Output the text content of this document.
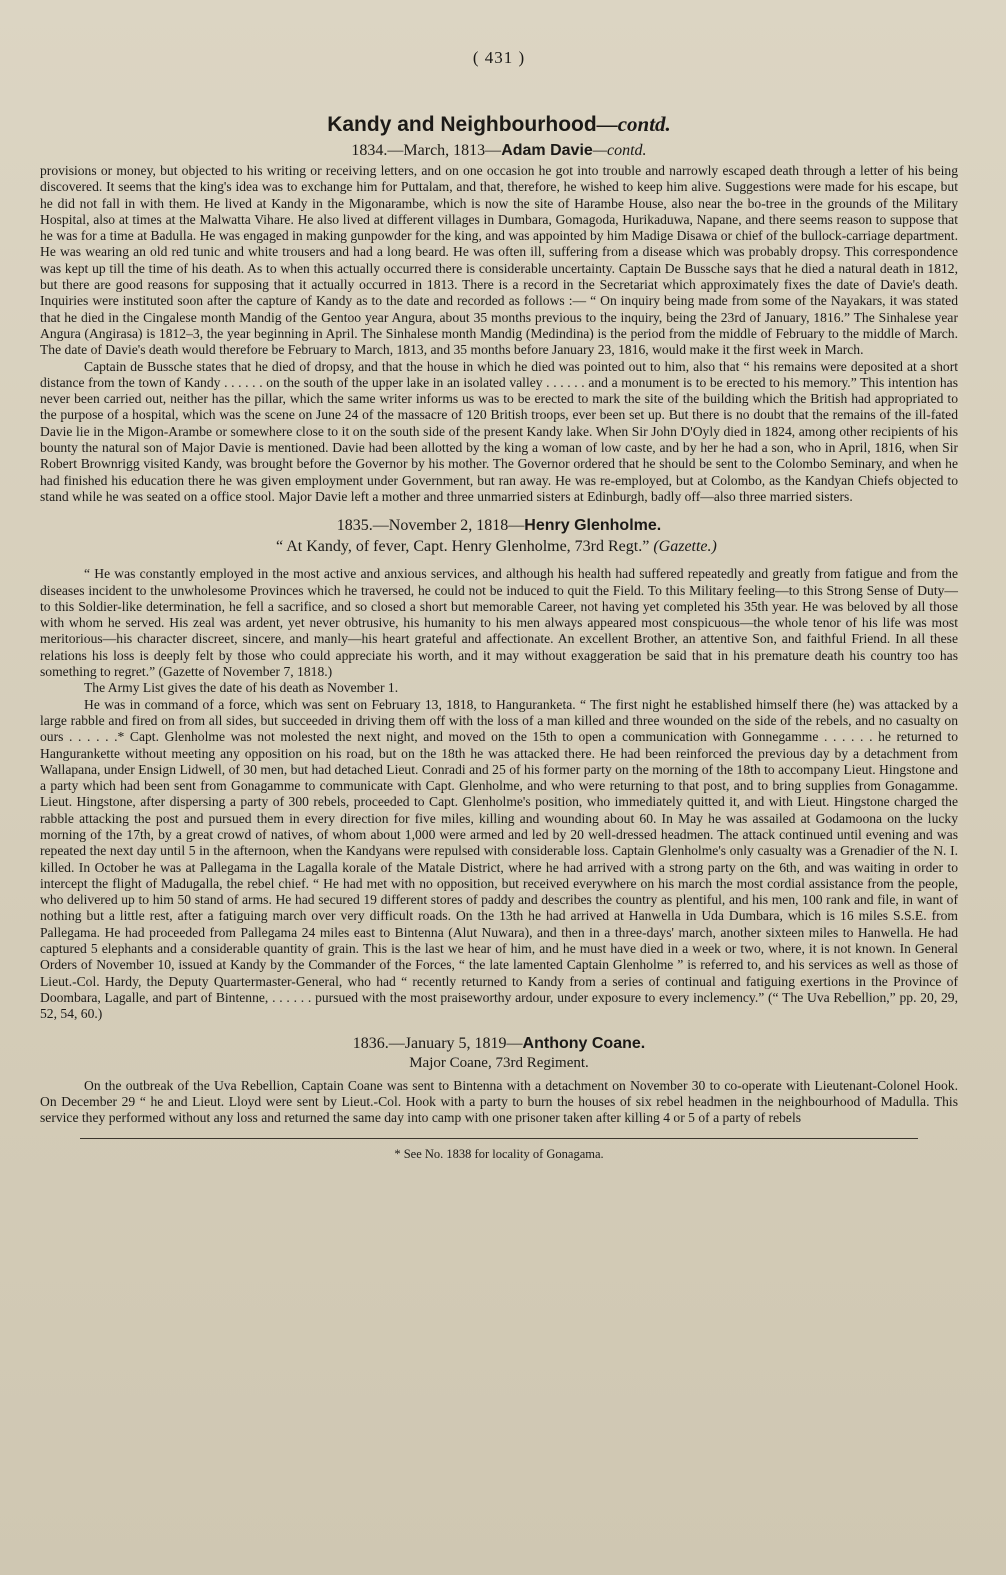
( 431 )
Kandy and Neighbourhood—contd.
1834.—March, 1813—Adam Davie—contd.

provisions or money, but objected to his writing or receiving letters, and on one occasion he got into trouble and narrowly escaped death through a letter of his being discovered. It seems that the king's idea was to exchange him for Puttalam, and that, therefore, he wished to keep him alive. Suggestions were made for his escape, but he did not fall in with them. He lived at Kandy in the Migonarambe, which is now the site of Harambe House, also near the bo-tree in the grounds of the Military Hospital, also at times at the Malwatta Vihare. He also lived at different villages in Dumbara, Gomagoda, Hurikaduwa, Napane, and there seems reason to suppose that he was for a time at Badulla. He was engaged in making gunpowder for the king, and was appointed by him Madige Disawa or chief of the bullock-carriage department. He was wearing an old red tunic and white trousers and had a long beard. He was often ill, suffering from a disease which was probably dropsy. This correspondence was kept up till the time of his death. As to when this actually occurred there is considerable uncertainty. Captain De Bussche says that he died a natural death in 1812, but there are good reasons for supposing that it actually occurred in 1813. There is a record in the Secretariat which approximately fixes the date of Davie's death. Inquiries were instituted soon after the capture of Kandy as to the date and recorded as follows :— “ On inquiry being made from some of the Nayakars, it was stated that he died in the Cingalese month Mandig of the Gentoo year Angura, about 35 months previous to the inquiry, being the 23rd of January, 1816.” The Sinhalese year Angura (Angirasa) is 1812–3, the year beginning in April. The Sinhalese month Mandig (Medindina) is the period from the middle of February to the middle of March. The date of Davie's death would therefore be February to March, 1813, and 35 months before January 23, 1816, would make it the first week in March.

Captain de Bussche states that he died of dropsy, and that the house in which he died was pointed out to him, also that “ his remains were deposited at a short distance from the town of Kandy . . . . . . on the south of the upper lake in an isolated valley . . . . . . and a monument is to be erected to his memory.” This intention has never been carried out, neither has the pillar, which the same writer informs us was to be erected to mark the site of the building which the British had appropriated to the purpose of a hospital, which was the scene on June 24 of the massacre of 120 British troops, ever been set up. But there is no doubt that the remains of the ill-fated Davie lie in the Migon-Arambe or somewhere close to it on the south side of the present Kandy lake. When Sir John D'Oyly died in 1824, among other recipients of his bounty the natural son of Major Davie is mentioned. Davie had been allotted by the king a woman of low caste, and by her he had a son, who in April, 1816, when Sir Robert Brownrigg visited Kandy, was brought before the Governor by his mother. The Governor ordered that he should be sent to the Colombo Seminary, and when he had finished his education there he was given employment under Government, but ran away. He was re-employed, but at Colombo, as the Kandyan Chiefs objected to stand while he was seated on a office stool. Major Davie left a mother and three unmarried sisters at Edinburgh, badly off—also three married sisters.

1835.—November 2, 1818—Henry Glenholme.
“ At Kandy, of fever, Capt. Henry Glenholme, 73rd Regt.” (Gazette.)

“ He was constantly employed in the most active and anxious services, and although his health had suffered repeatedly and greatly from fatigue and from the diseases incident to the unwholesome Provinces which he traversed, he could not be induced to quit the Field. To this Military feeling—to this Strong Sense of Duty—to this Soldier-like determination, he fell a sacrifice, and so closed a short but memorable Career, not having yet completed his 35th year. He was beloved by all those with whom he served. His zeal was ardent, yet never obtrusive, his humanity to his men always appeared most conspicuous—the whole tenor of his life was most meritorious—his character discreet, sincere, and manly—his heart grateful and affectionate. An excellent Brother, an attentive Son, and faithful Friend. In all these relations his loss is deeply felt by those who could appreciate his worth, and it may without exaggeration be said that in his premature death his country too has something to regret.” (Gazette of November 7, 1818.)

The Army List gives the date of his death as November 1.

He was in command of a force, which was sent on February 13, 1818, to Hanguranketa. “ The first night he established himself there (he) was attacked by a large rabble and fired on from all sides, but succeeded in driving them off with the loss of a man killed and three wounded on the side of the rebels, and no casualty on ours . . . . . .* Capt. Glenholme was not molested the next night, and moved on the 15th to open a communication with Gonnegamme . . . . . . he returned to Hangurankette without meeting any opposition on his road, but on the 18th he was attacked there. He had been reinforced the previous day by a detachment from Wallapana, under Ensign Lidwell, of 30 men, but had detached Lieut. Conradi and 25 of his former party on the morning of the 18th to accompany Lieut. Hingstone and a party which had been sent from Gonagamme to communicate with Capt. Glenholme, and who were returning to that post, and to bring supplies from Gonagamme. Lieut. Hingstone, after dispersing a party of 300 rebels, proceeded to Capt. Glenholme's position, who immediately quitted it, and with Lieut. Hingstone charged the rabble attacking the post and pursued them in every direction for five miles, killing and wounding about 60. In May he was assailed at Godamoona on the lucky morning of the 17th, by a great crowd of natives, of whom about 1,000 were armed and led by 20 well-dressed headmen. The attack continued until evening and was repeated the next day until 5 in the afternoon, when the Kandyans were repulsed with considerable loss. Captain Glenholme's only casualty was a Grenadier of the N. I. killed. In October he was at Pallegama in the Lagalla korale of the Matale District, where he had arrived with a strong party on the 6th, and was waiting in order to intercept the flight of Madugalla, the rebel chief. “ He had met with no opposition, but received everywhere on his march the most cordial assistance from the people, who delivered up to him 50 stand of arms. He had secured 19 different stores of paddy and describes the country as plentiful, and his men, 100 rank and file, in want of nothing but a little rest, after a fatiguing march over very difficult roads. On the 13th he had arrived at Hanwella in Uda Dumbara, which is 16 miles S.S.E. from Pallegama. He had proceeded from Pallegama 24 miles east to Bintenna (Alut Nuwara), and then in a three-days' march, another sixteen miles to Hanwella. He had captured 5 elephants and a considerable quantity of grain. This is the last we hear of him, and he must have died in a week or two, where, it is not known. In General Orders of November 10, issued at Kandy by the Commander of the Forces, “ the late lamented Captain Glenholme ” is referred to, and his services as well as those of Lieut.-Col. Hardy, the Deputy Quartermaster-General, who had “ recently returned to Kandy from a series of continual and fatiguing exertions in the Province of Doombara, Lagalle, and part of Bintenne, . . . . . . pursued with the most praiseworthy ardour, under exposure to every inclemency.” (“ The Uva Rebellion,” pp. 20, 29, 52, 54, 60.)

1836.—January 5, 1819—Anthony Coane.
Major Coane, 73rd Regiment.

On the outbreak of the Uva Rebellion, Captain Coane was sent to Bintenna with a detachment on November 30 to co-operate with Lieutenant-Colonel Hook. On December 29 “ he and Lieut. Lloyd were sent by Lieut.-Col. Hook with a party to burn the houses of six rebel headmen in the neighbourhood of Madulla. This service they performed without any loss and returned the same day into camp with one prisoner taken after killing 4 or 5 of a party of rebels

* See No. 1838 for locality of Gonagama.
